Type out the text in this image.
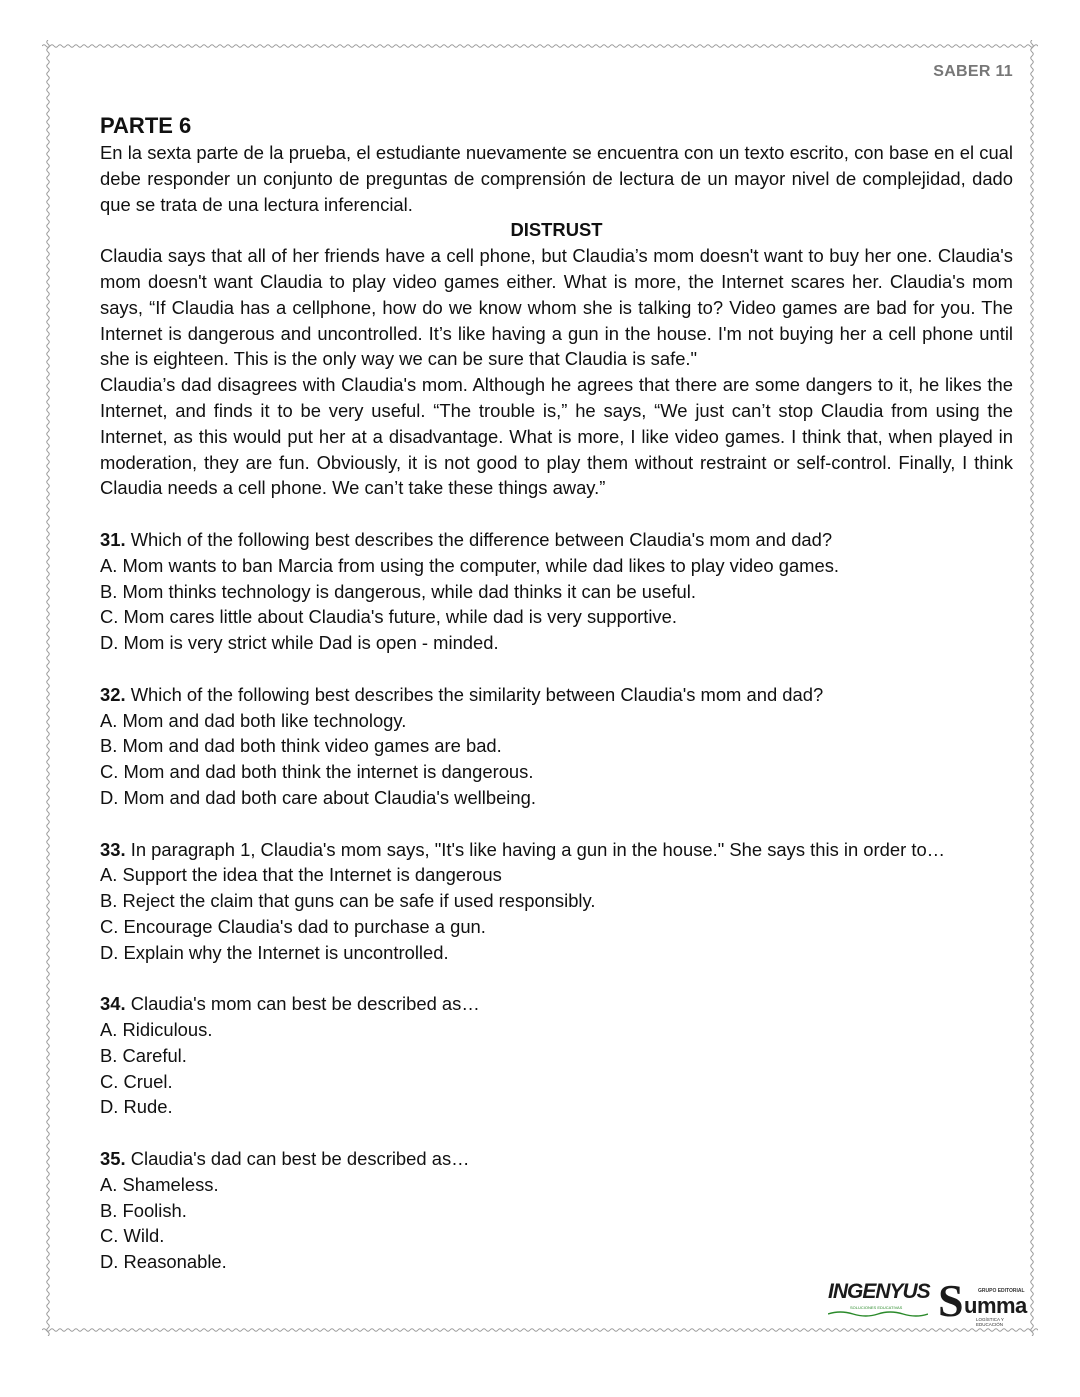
SABER 11

PARTE 6

En la sexta parte de la prueba, el estudiante nuevamente se encuentra con un texto escrito, con base en el cual debe responder un conjunto de preguntas de comprensión de lectura de un mayor nivel de complejidad, dado que se trata de una lectura inferencial.

DISTRUST

Claudia says that all of her friends have a cell phone, but Claudia’s mom doesn't want to buy her one. Claudia's mom doesn't want Claudia to play video games either. What is more, the Internet scares her. Claudia's mom says, “If Claudia has a cellphone, how do we know whom she is talking to? Video games are bad for you. The Internet is dangerous and uncontrolled. It’s like having a gun in the house. I'm not buying her a cell phone until she is eighteen. This is the only way we can be sure that Claudia is safe."

Claudia’s dad disagrees with Claudia's mom. Although he agrees that there are some dangers to it, he likes the Internet, and finds it to be very useful. “The trouble is,” he says, “We just can’t stop Claudia from using the Internet, as this would put her at a disadvantage. What is more, I like video games. I think that, when played in moderation, they are fun. Obviously, it is not good to play them without restraint or self-control. Finally, I think Claudia needs a cell phone. We can’t take these things away.”

31. Which of the following best describes the difference between Claudia's mom and dad?

A. Mom wants to ban Marcia from using the computer, while dad likes to play video games.

B. Mom thinks technology is dangerous, while dad thinks it can be useful.

C. Mom cares little about Claudia's future, while dad is very supportive.

D. Mom is very strict while Dad is open - minded.

32. Which of the following best describes the similarity between Claudia's mom and dad?

A. Mom and dad both like technology.

B. Mom and dad both think video games are bad.

C. Mom and dad both think the internet is dangerous.

D. Mom and dad both care about Claudia's wellbeing.

33. In paragraph 1, Claudia's mom says, "It's like having a gun in the house." She says this in order to…

A. Support the idea that the Internet is dangerous

B. Reject the claim that guns can be safe if used responsibly.

C. Encourage Claudia's dad to purchase a gun.

D. Explain why the Internet is uncontrolled.

34. Claudia's mom can best be described as…

A. Ridiculous.

B. Careful.

C. Cruel.

D. Rude.

35. Claudia's dad can best be described as…

A. Shameless.

B. Foolish.

C. Wild.

D. Reasonable.

INGENYUS
SOLUCIONES EDUCATIVAS S	GRUPO EDITORIAL
umma
LOGÍSTICA Y EDUCACIÓN
